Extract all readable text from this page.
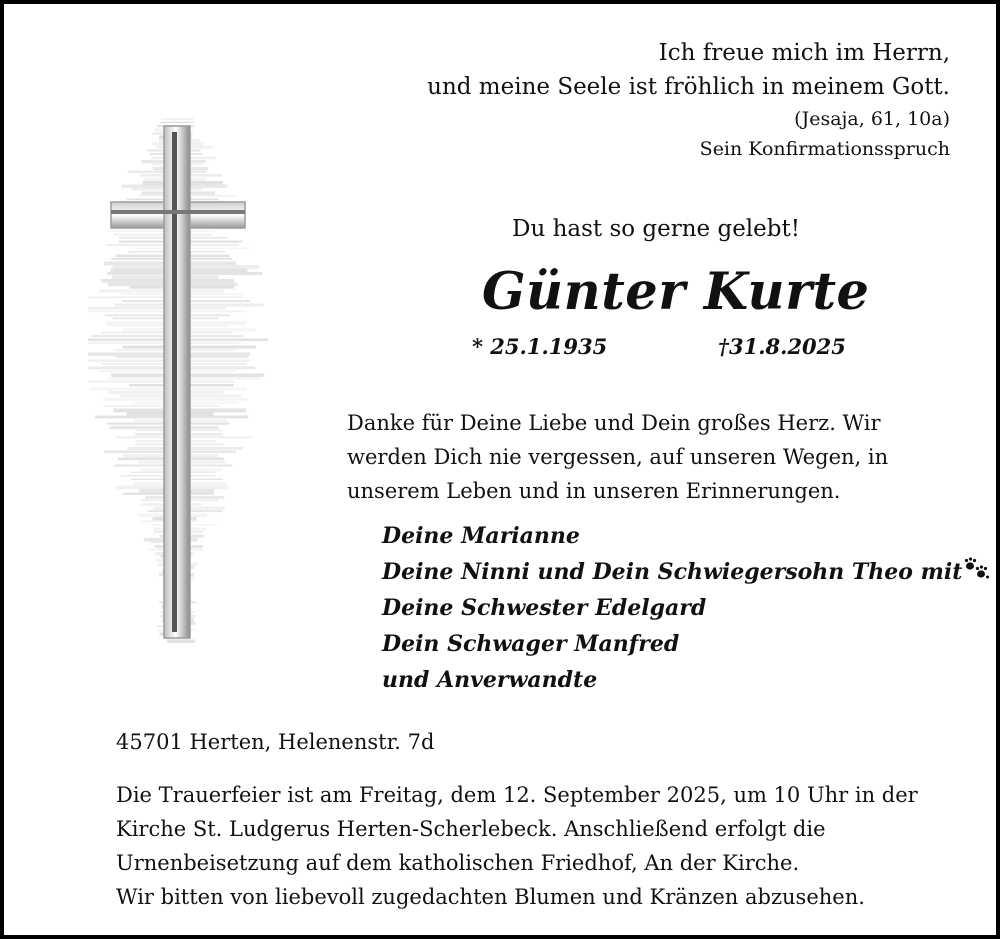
Ich freue mich im Herrn,
und meine Seele ist fröhlich in meinem Gott.
(Jesaja, 61, 10a)
Sein Konfirmationsspruch
Du hast so gerne gelebt!
Günter Kurte
* 25.1.1935	†31.8.2025
Danke für Deine Liebe und Dein großes Herz. Wir werden Dich nie vergessen, auf unseren Wegen, in unserem Leben und in unseren Erinnerungen.
Deine Marianne
Deine Ninni und Dein Schwiegersohn Theo mit
Deine Schwester Edelgard
Dein Schwager Manfred
und Anverwandte
45701 Herten, Helenenstr. 7d
Die Trauerfeier ist am Freitag, dem 12. September 2025, um 10 Uhr in der
Kirche St. Ludgerus Herten-Scherlebeck. Anschließend erfolgt die
Urnenbeisetzung auf dem katholischen Friedhof, An der Kirche.
Wir bitten von liebevoll zugedachten Blumen und Kränzen abzusehen.
